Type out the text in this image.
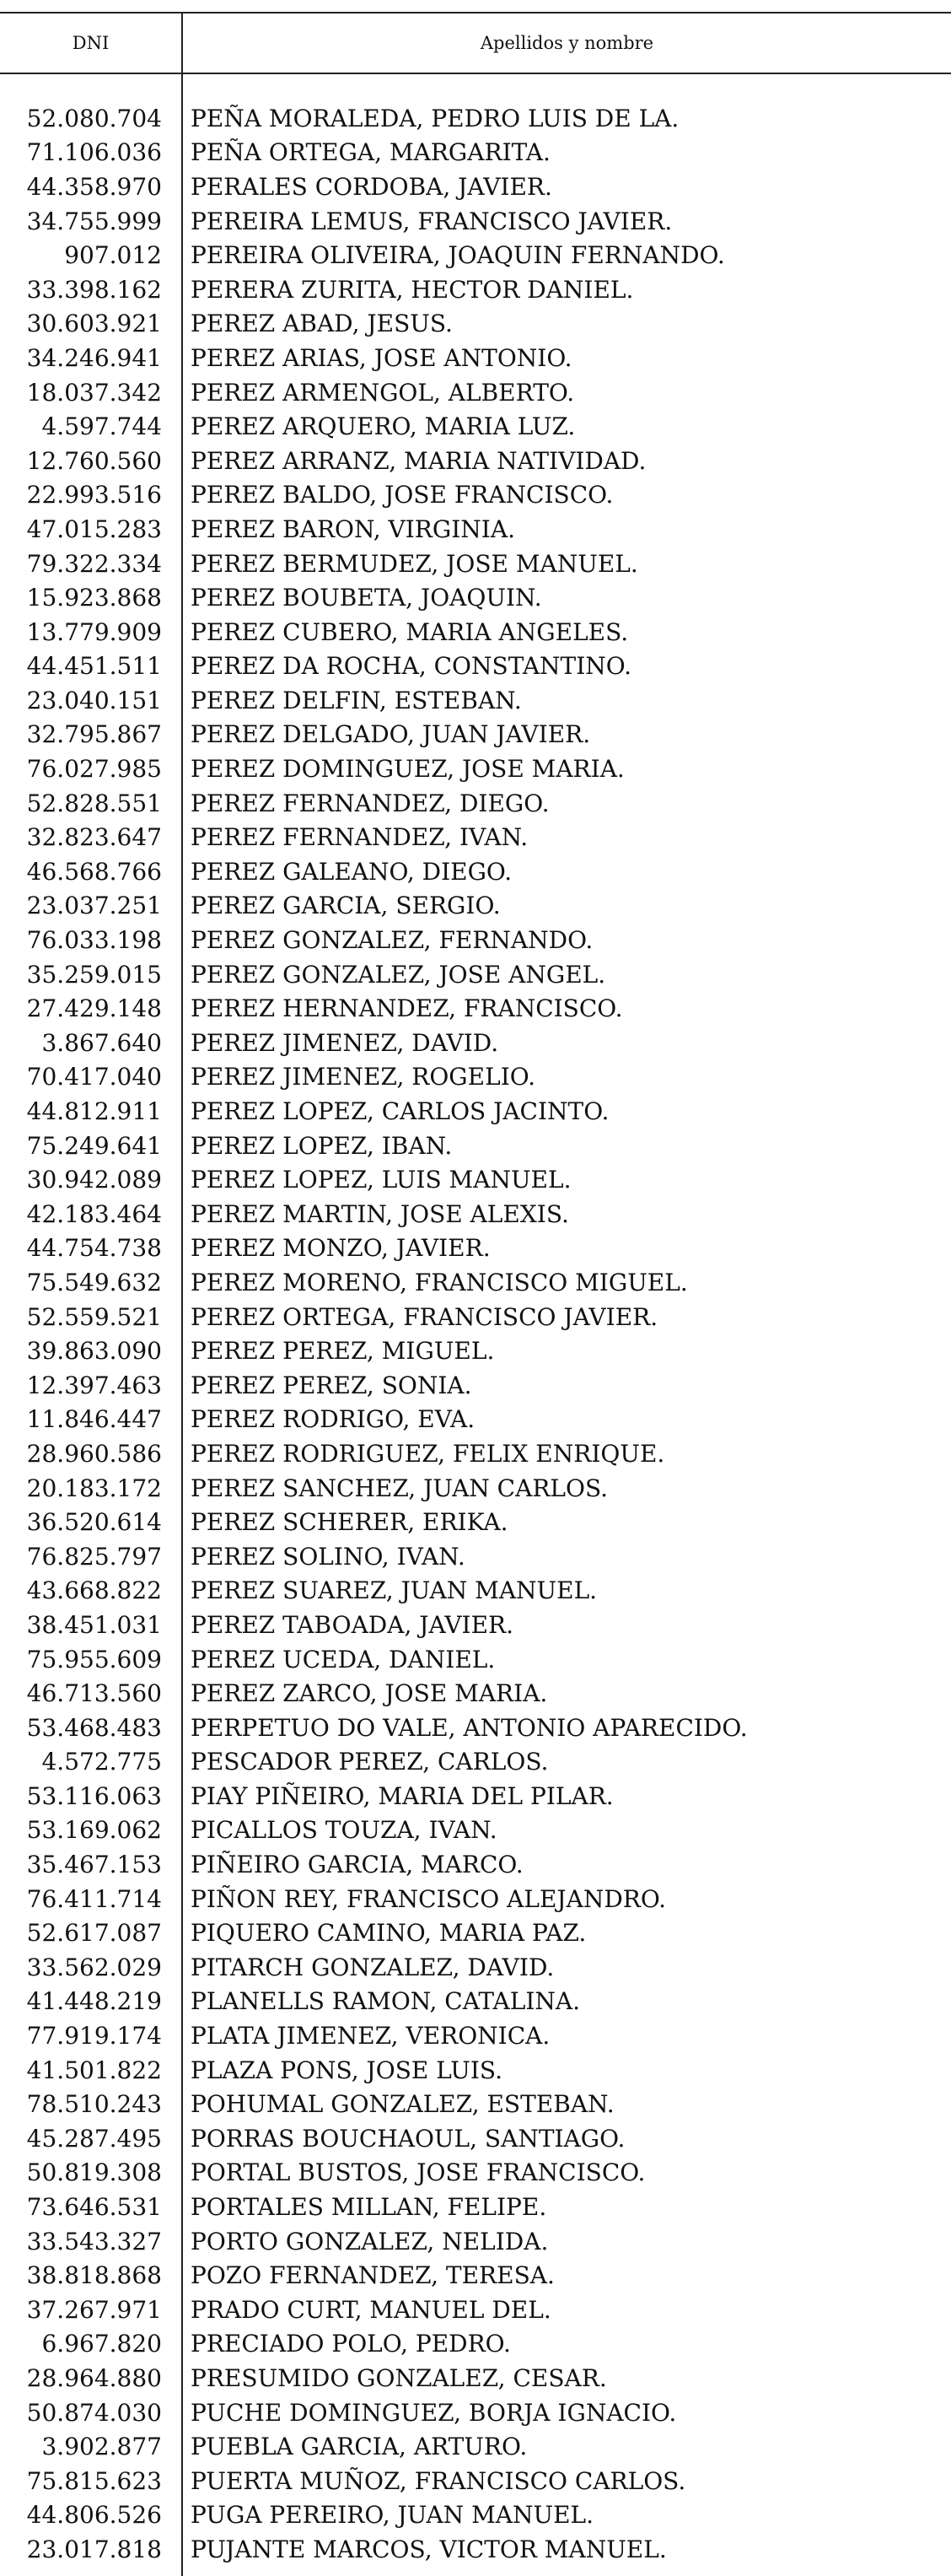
DNI	Apellidos y nombre
52.080.704 PEÑA MORALEDA, PEDRO LUIS DE LA.
71.106.036 PEÑA ORTEGA, MARGARITA.
44.358.970 PERALES CORDOBA, JAVIER.
34.755.999 PEREIRA LEMUS, FRANCISCO JAVIER.
907.012 PEREIRA OLIVEIRA, JOAQUIN FERNANDO.
33.398.162 PERERA ZURITA, HECTOR DANIEL.
30.603.921 PEREZ ABAD, JESUS.
34.246.941 PEREZ ARIAS, JOSE ANTONIO.
18.037.342 PEREZ ARMENGOL, ALBERTO.
4.597.744 PEREZ ARQUERO, MARIA LUZ.
12.760.560 PEREZ ARRANZ, MARIA NATIVIDAD.
22.993.516 PEREZ BALDO, JOSE FRANCISCO.
47.015.283 PEREZ BARON, VIRGINIA.
79.322.334 PEREZ BERMUDEZ, JOSE MANUEL.
15.923.868 PEREZ BOUBETA, JOAQUIN.
13.779.909 PEREZ CUBERO, MARIA ANGELES.
44.451.511 PEREZ DA ROCHA, CONSTANTINO.
23.040.151 PEREZ DELFIN, ESTEBAN.
32.795.867 PEREZ DELGADO, JUAN JAVIER.
76.027.985 PEREZ DOMINGUEZ, JOSE MARIA.
52.828.551 PEREZ FERNANDEZ, DIEGO.
32.823.647 PEREZ FERNANDEZ, IVAN.
46.568.766 PEREZ GALEANO, DIEGO.
23.037.251 PEREZ GARCIA, SERGIO.
76.033.198 PEREZ GONZALEZ, FERNANDO.
35.259.015 PEREZ GONZALEZ, JOSE ANGEL.
27.429.148 PEREZ HERNANDEZ, FRANCISCO.
3.867.640 PEREZ JIMENEZ, DAVID.
70.417.040 PEREZ JIMENEZ, ROGELIO.
44.812.911 PEREZ LOPEZ, CARLOS JACINTO.
75.249.641 PEREZ LOPEZ, IBAN.
30.942.089 PEREZ LOPEZ, LUIS MANUEL.
42.183.464 PEREZ MARTIN, JOSE ALEXIS.
44.754.738 PEREZ MONZO, JAVIER.
75.549.632 PEREZ MORENO, FRANCISCO MIGUEL.
52.559.521 PEREZ ORTEGA, FRANCISCO JAVIER.
39.863.090 PEREZ PEREZ, MIGUEL.
12.397.463 PEREZ PEREZ, SONIA.
11.846.447 PEREZ RODRIGO, EVA.
28.960.586 PEREZ RODRIGUEZ, FELIX ENRIQUE.
20.183.172 PEREZ SANCHEZ, JUAN CARLOS.
36.520.614 PEREZ SCHERER, ERIKA.
76.825.797 PEREZ SOLINO, IVAN.
43.668.822 PEREZ SUAREZ, JUAN MANUEL.
38.451.031 PEREZ TABOADA, JAVIER.
75.955.609 PEREZ UCEDA, DANIEL.
46.713.560 PEREZ ZARCO, JOSE MARIA.
53.468.483 PERPETUO DO VALE, ANTONIO APARECIDO.
4.572.775 PESCADOR PEREZ, CARLOS.
53.116.063 PIAY PIÑEIRO, MARIA DEL PILAR.
53.169.062 PICALLOS TOUZA, IVAN.
35.467.153 PIÑEIRO GARCIA, MARCO.
76.411.714 PIÑON REY, FRANCISCO ALEJANDRO.
52.617.087 PIQUERO CAMINO, MARIA PAZ.
33.562.029 PITARCH GONZALEZ, DAVID.
41.448.219 PLANELLS RAMON, CATALINA.
77.919.174 PLATA JIMENEZ, VERONICA.
41.501.822 PLAZA PONS, JOSE LUIS.
78.510.243 POHUMAL GONZALEZ, ESTEBAN.
45.287.495 PORRAS BOUCHAOUL, SANTIAGO.
50.819.308 PORTAL BUSTOS, JOSE FRANCISCO.
73.646.531 PORTALES MILLAN, FELIPE.
33.543.327 PORTO GONZALEZ, NELIDA.
38.818.868 POZO FERNANDEZ, TERESA.
37.267.971 PRADO CURT, MANUEL DEL.
6.967.820 PRECIADO POLO, PEDRO.
28.964.880 PRESUMIDO GONZALEZ, CESAR.
50.874.030 PUCHE DOMINGUEZ, BORJA IGNACIO.
3.902.877 PUEBLA GARCIA, ARTURO.
75.815.623 PUERTA MUÑOZ, FRANCISCO CARLOS.
44.806.526 PUGA PEREIRO, JUAN MANUEL.
23.017.818 PUJANTE MARCOS, VICTOR MANUEL.
